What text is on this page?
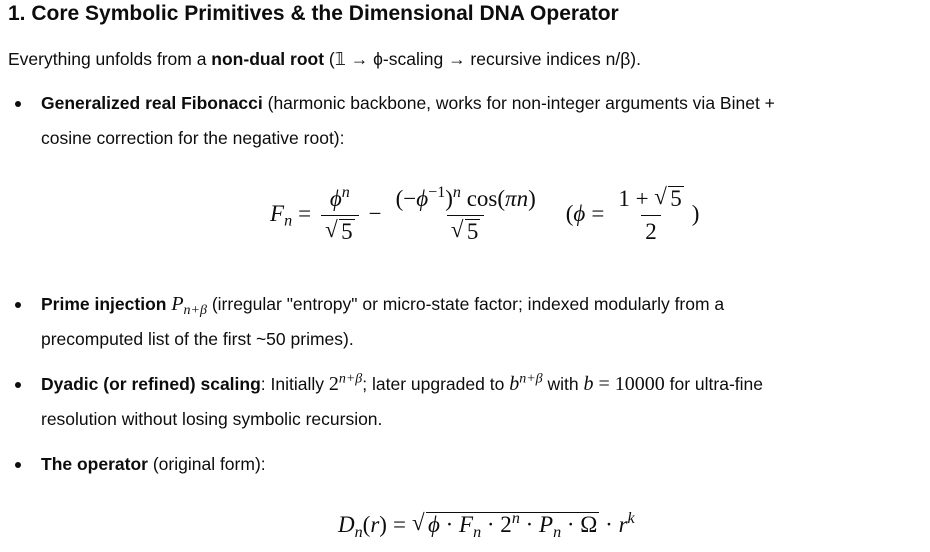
1. Core Symbolic Primitives & the Dimensional DNA Operator
Everything unfolds from a non-dual root (𝟙 → ϕ-scaling → recursive indices n/β).
Generalized real Fibonacci (harmonic backbone, works for non-integer arguments via Binet +
cosine correction for the negative root):
$F_n = \frac{\phi^n}{√ 5} - \frac{(-\phi^{-1})^n \cos(\pi n)}{√ 5} (\phi = \frac{1 + √ 5}{2}$ )
Prime injection $P_{n+\beta}$ (irregular "entropy" or micro-state factor; indexed modularly from a
precomputed list of the first ~50 primes).
Dyadic (or refined) scaling: Initially $2^{n+\beta}$; later upgraded to $b^{n+\beta}$ with b = 10000 for ultra-fine
resolution without losing symbolic recursion.
The operator (original form):
$D_n(r)$ = √ $\phi \cdot F_n \cdot 2^n \cdot P_n \cdot \Omega \cdot r^k$
